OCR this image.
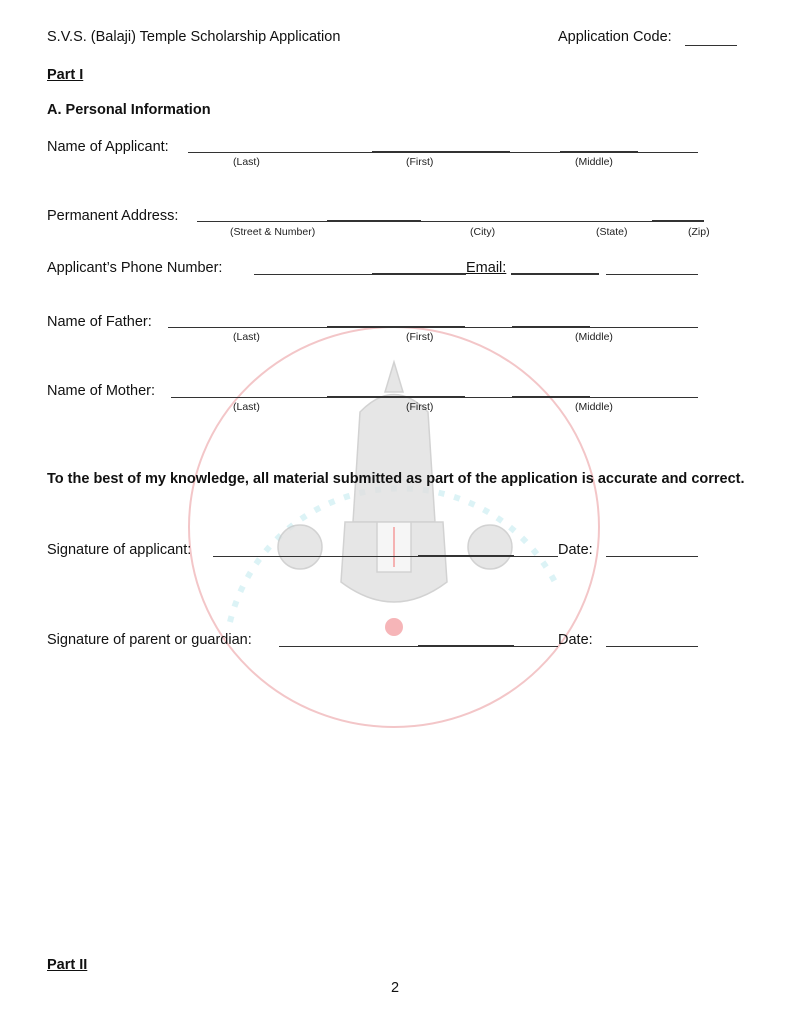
S.V.S. (Balaji) Temple Scholarship Application	Application Code:
Part I
A. Personal Information
Name of Applicant:
(Last)	(First)	(Middle)
Permanent Address:
(Street & Number)	(City)	(State)	(Zip)
Applicant’s Phone Number:	Email:
Name of Father:
(Last)	(First)	(Middle)
Name of Mother:
(Last)	(First)	(Middle)
To the best of my knowledge, all material submitted as part of the application is accurate and correct.
Signature of applicant:	Date:
Signature of parent or guardian:	Date:
Part II
2
